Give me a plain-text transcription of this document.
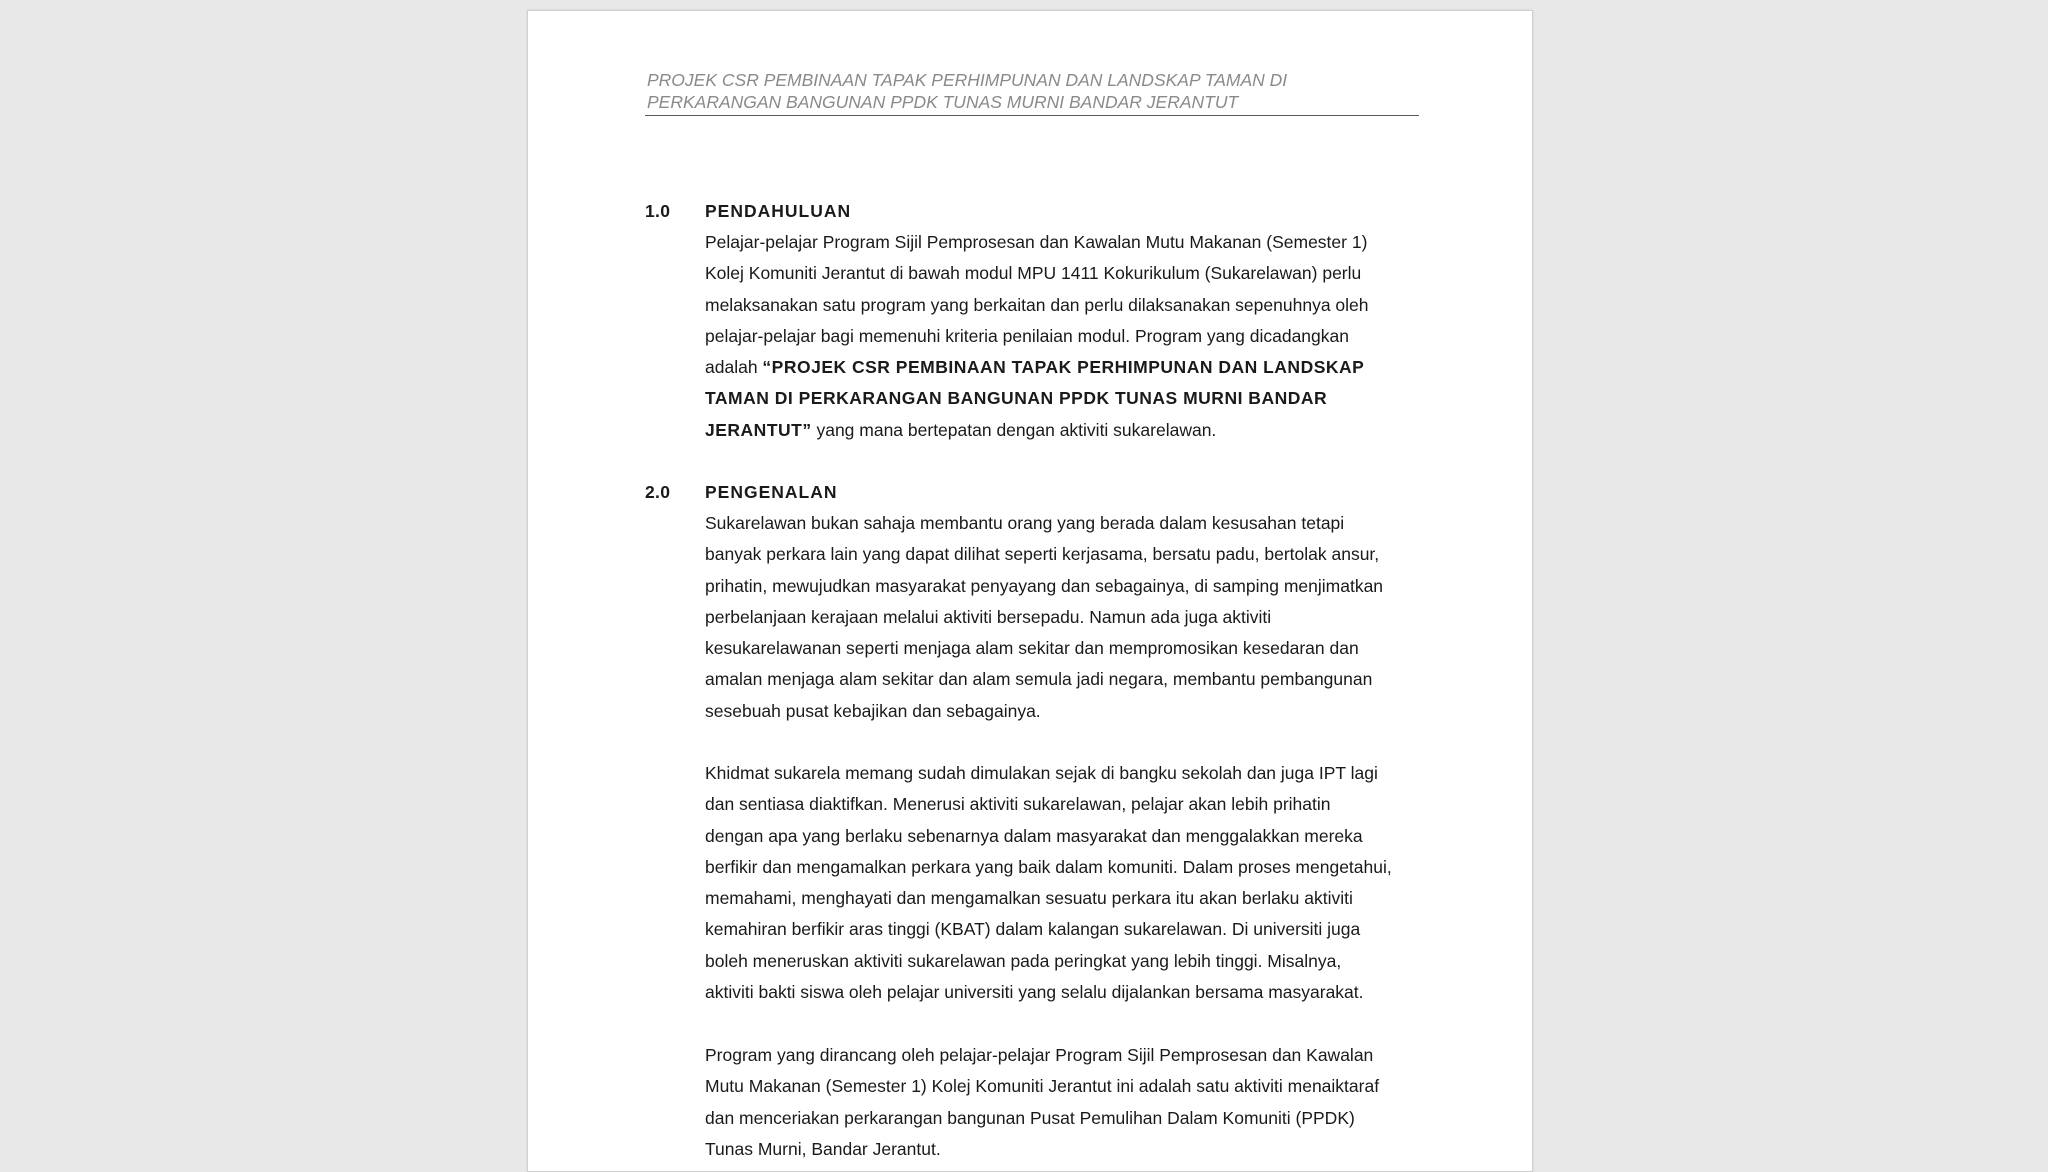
PROJEK CSR PEMBINAAN TAPAK PERHIMPUNAN DAN LANDSKAP TAMAN DI
PERKARANGAN BANGUNAN PPDK TUNAS MURNI BANDAR JERANTUT
1.0 PENDAHULUAN
Pelajar-pelajar Program Sijil Pemprosesan dan Kawalan Mutu Makanan (Semester 1)
Kolej Komuniti Jerantut di bawah modul MPU 1411 Kokurikulum (Sukarelawan) perlu
melaksanakan satu program yang berkaitan dan perlu dilaksanakan sepenuhnya oleh
pelajar-pelajar bagi memenuhi kriteria penilaian modul. Program yang dicadangkan
adalah “PROJEK CSR PEMBINAAN TAPAK PERHIMPUNAN DAN LANDSKAP
TAMAN DI PERKARANGAN BANGUNAN PPDK TUNAS MURNI BANDAR
JERANTUT” yang mana bertepatan dengan aktiviti sukarelawan.
2.0 PENGENALAN
Sukarelawan bukan sahaja membantu orang yang berada dalam kesusahan tetapi
banyak perkara lain yang dapat dilihat seperti kerjasama, bersatu padu, bertolak ansur,
prihatin, mewujudkan masyarakat penyayang dan sebagainya, di samping menjimatkan
perbelanjaan kerajaan melalui aktiviti bersepadu. Namun ada juga aktiviti
kesukarelawanan seperti menjaga alam sekitar dan mempromosikan kesedaran dan
amalan menjaga alam sekitar dan alam semula jadi negara, membantu pembangunan
sesebuah pusat kebajikan dan sebagainya.
Khidmat sukarela memang sudah dimulakan sejak di bangku sekolah dan juga IPT lagi
dan sentiasa diaktifkan. Menerusi aktiviti sukarelawan, pelajar akan lebih prihatin
dengan apa yang berlaku sebenarnya dalam masyarakat dan menggalakkan mereka
berfikir dan mengamalkan perkara yang baik dalam komuniti. Dalam proses mengetahui,
memahami, menghayati dan mengamalkan sesuatu perkara itu akan berlaku aktiviti
kemahiran berfikir aras tinggi (KBAT) dalam kalangan sukarelawan. Di universiti juga
boleh meneruskan aktiviti sukarelawan pada peringkat yang lebih tinggi. Misalnya,
aktiviti bakti siswa oleh pelajar universiti yang selalu dijalankan bersama masyarakat.
Program yang dirancang oleh pelajar-pelajar Program Sijil Pemprosesan dan Kawalan
Mutu Makanan (Semester 1) Kolej Komuniti Jerantut ini adalah satu aktiviti menaiktaraf
dan menceriakan perkarangan bangunan Pusat Pemulihan Dalam Komuniti (PPDK)
Tunas Murni, Bandar Jerantut.
